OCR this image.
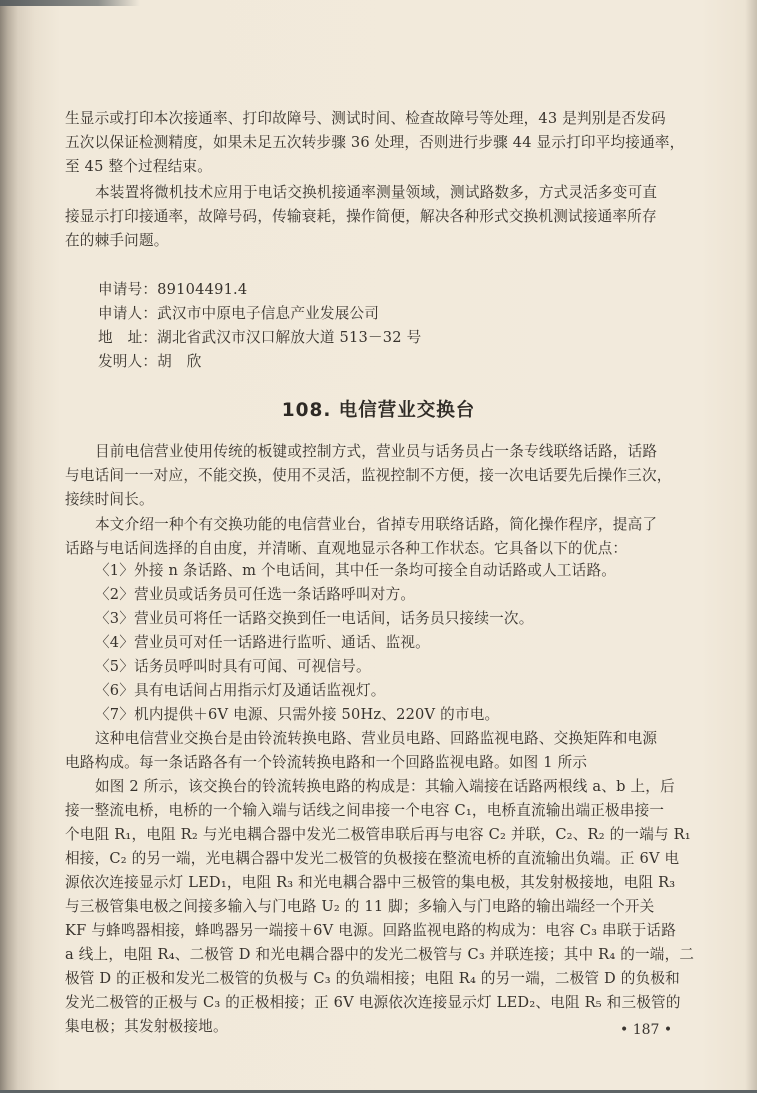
生显示或打印本次接通率、打印故障号、测试时间、检查故障号等处理，43 是判别是否发码
五次以保证检测精度，如果未足五次转步骤 36 处理，否则进行步骤 44 显示打印平均接通率，
至 45 整个过程结束。
本装置将微机技术应用于电话交换机接通率测量领域，测试路数多，方式灵活多变可直
接显示打印接通率，故障号码，传输衰耗，操作简便，解决各种形式交换机测试接通率所存
在的棘手问题。
申请号：89104491.4
申请人：武汉市中原电子信息产业发展公司
地　址：湖北省武汉市汉口解放大道 513－32 号
发明人：胡　欣
108. 电信营业交换台
目前电信营业使用传统的板键或控制方式，营业员与话务员占一条专线联络话路，话路
与电话间一一对应，不能交换，使用不灵活，监视控制不方便，接一次电话要先后操作三次，
接续时间长。
本文介绍一种个有交换功能的电信营业台，省掉专用联络话路，简化操作程序，提高了
话路与电话间选择的自由度，并清晰、直观地显示各种工作状态。它具备以下的优点：
〈1〉外接 n 条话路、m 个电话间，其中任一条均可接全自动话路或人工话路。
〈2〉营业员或话务员可任选一条话路呼叫对方。
〈3〉营业员可将任一话路交换到任一电话间，话务员只接续一次。
〈4〉营业员可对任一话路进行监听、通话、监视。
〈5〉话务员呼叫时具有可闻、可视信号。
〈6〉具有电话间占用指示灯及通话监视灯。
〈7〉机内提供＋6V 电源、只需外接 50Hz、220V 的市电。
这种电信营业交换台是由铃流转换电路、营业员电路、回路监视电路、交换矩阵和电源
电路构成。每一条话路各有一个铃流转换电路和一个回路监视电路。如图 1 所示
如图 2 所示，该交换台的铃流转换电路的构成是：其输入端接在话路两根线 a、b 上，后
接一整流电桥，电桥的一个输入端与话线之间串接一个电容 C₁，电桥直流输出端正极串接一
个电阻 R₁，电阻 R₂ 与光电耦合器中发光二极管串联后再与电容 C₂ 并联，C₂、R₂ 的一端与 R₁
相接，C₂ 的另一端，光电耦合器中发光二极管的负极接在整流电桥的直流输出负端。正 6V 电
源依次连接显示灯 LED₁，电阻 R₃ 和光电耦合器中三极管的集电极，其发射极接地，电阻 R₃
与三极管集电极之间接多输入与门电路 U₂ 的 11 脚；多输入与门电路的输出端经一个开关
KF 与蜂鸣器相接，蜂鸣器另一端接＋6V 电源。回路监视电路的构成为：电容 C₃ 串联于话路
a 线上，电阻 R₄、二极管 D 和光电耦合器中的发光二极管与 C₃ 并联连接；其中 R₄ 的一端，二
极管 D 的正极和发光二极管的负极与 C₃ 的负端相接；电阻 R₄ 的另一端，二极管 D 的负极和
发光二极管的正极与 C₃ 的正极相接；正 6V 电源依次连接显示灯 LED₂、电阻 R₅ 和三极管的
集电极；其发射极接地。	• 187 •
